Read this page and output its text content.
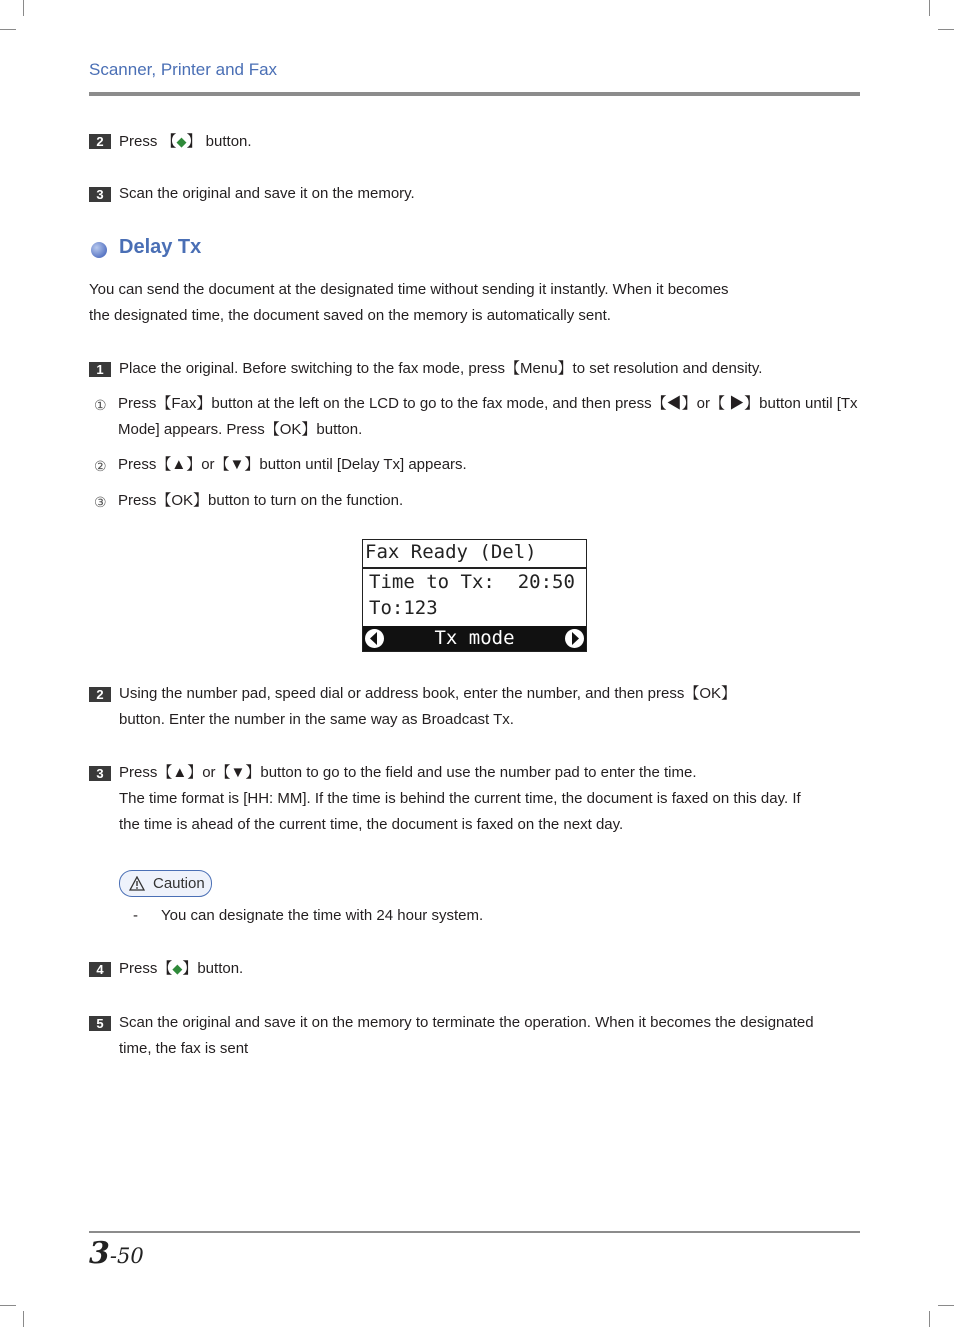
Scanner, Printer and Fax
2	Press 【◆】 button.
3	Scan the original and save it on the memory.
Delay Tx
You can send the document at the designated time without sending it instantly. When it becomes
the designated time, the document saved on the memory is automatically sent.
1	Place the original. Before switching to the fax mode, press【Menu】to set resolution and density.
① Press【Fax】button at the left on the LCD to go to the fax mode, and then press【◀】or【 ▶】button until [Tx
Mode] appears. Press【OK】button.
② Press【▲】or【▼】button until [Delay Tx] appears.
③ Press【OK】button to turn on the function.
Fax Ready (Del)
Time to Tx:  20:50
To:123
Tx mode
2	Using the number pad, speed dial or address book, enter the number, and then press【OK】
button. Enter the number in the same way as Broadcast Tx.
3	Press【▲】or【▼】button to go to the field and use the number pad to enter the time.
The time format is [HH: MM]. If the time is behind the current time, the document is faxed on this day. If
the time is ahead of the current time, the document is faxed on the next day.
Caution
- You can designate the time with 24 hour system.
4	Press【◆】button.
5	Scan the original and save it on the memory to terminate the operation. When it becomes the designated
time, the fax is sent
3-50
